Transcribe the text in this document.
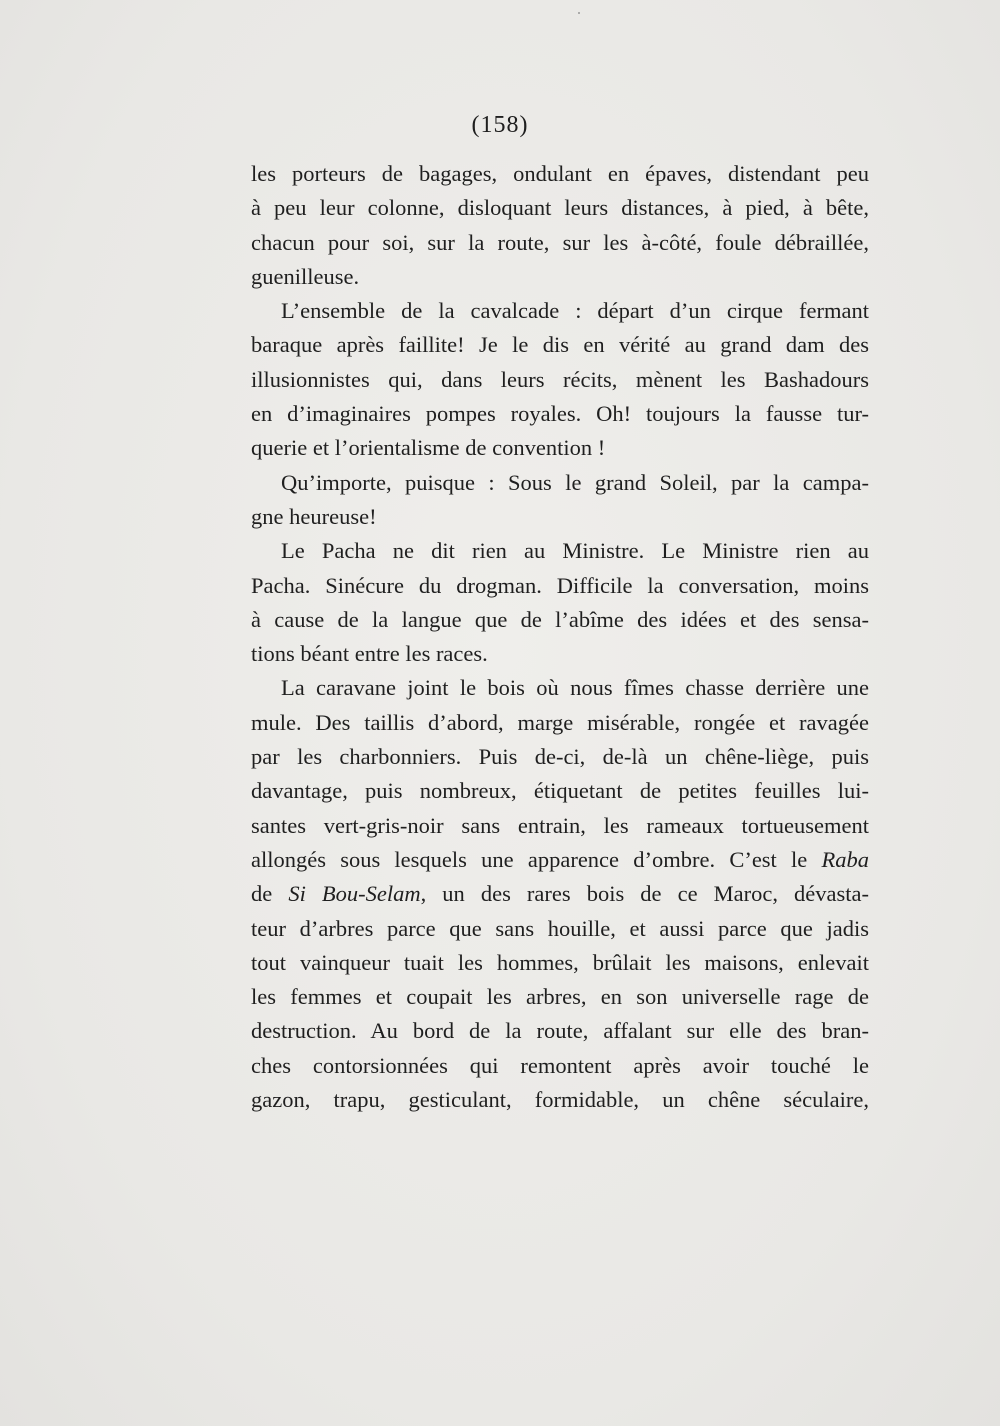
(158)
les porteurs de bagages, ondulant en épaves, distendant peu
à peu leur colonne, disloquant leurs distances, à pied, à bête,
chacun pour soi, sur la route, sur les à-côté, foule débraillée,
guenilleuse.
L’ensemble de la cavalcade : départ d’un cirque fermant
baraque après faillite! Je le dis en vérité au grand dam des
illusionnistes qui, dans leurs récits, mènent les Bashadours
en d’imaginaires pompes royales. Oh! toujours la fausse tur-
querie et l’orientalisme de convention !
Qu’importe, puisque : Sous le grand Soleil, par la campa-
gne heureuse!
Le Pacha ne dit rien au Ministre. Le Ministre rien au
Pacha. Sinécure du drogman. Difficile la conversation, moins
à cause de la langue que de l’abîme des idées et des sensa-
tions béant entre les races.
La caravane joint le bois où nous fîmes chasse derrière une
mule. Des taillis d’abord, marge misérable, rongée et ravagée
par les charbonniers. Puis de-ci, de-là un chêne-liège, puis
davantage, puis nombreux, étiquetant de petites feuilles lui-
santes vert-gris-noir sans entrain, les rameaux tortueusement
allongés sous lesquels une apparence d’ombre. C’est le Raba
de Si Bou-Selam, un des rares bois de ce Maroc, dévasta-
teur d’arbres parce que sans houille, et aussi parce que jadis
tout vainqueur tuait les hommes, brûlait les maisons, enlevait
les femmes et coupait les arbres, en son universelle rage de
destruction. Au bord de la route, affalant sur elle des bran-
ches contorsionnées qui remontent après avoir touché le
gazon, trapu, gesticulant, formidable, un chêne séculaire,
